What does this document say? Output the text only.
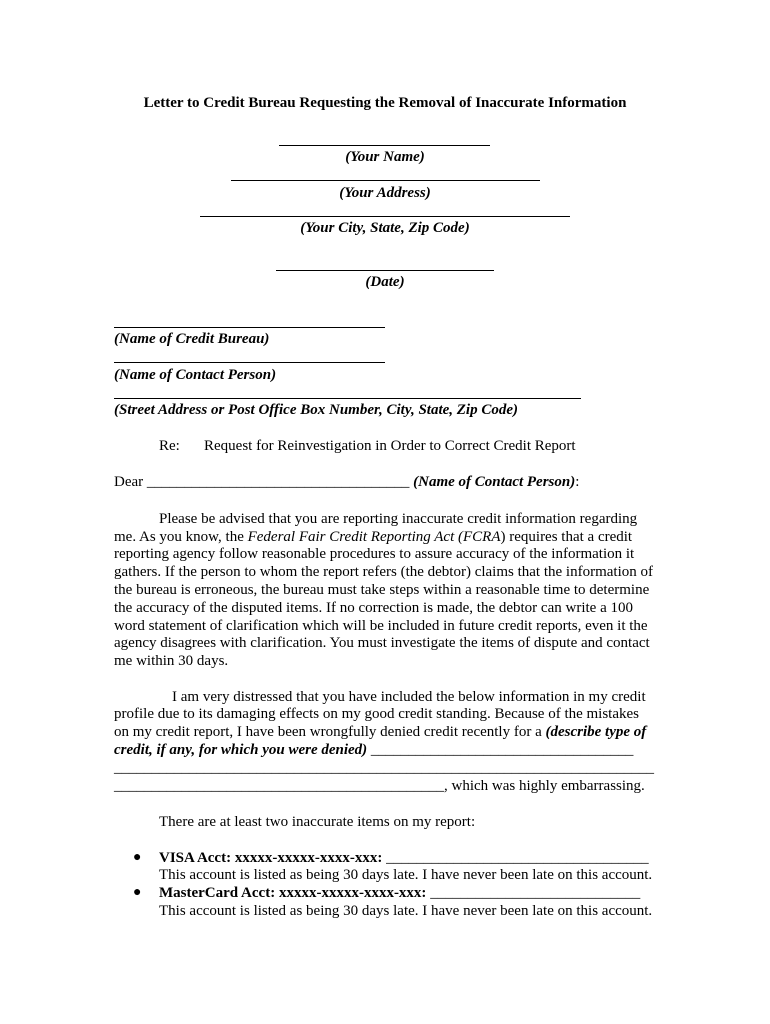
Letter to Credit Bureau Requesting the Removal of Inaccurate Information
(Your Name)
(Your Address)
(Your City, State, Zip Code)
(Date)
(Name of Credit Bureau)
(Name of Contact Person)
(Street Address or Post Office Box Number, City, State, Zip Code)
Re: Request for Reinvestigation in Order to Correct Credit Report
Dear ___________________________________ (Name of Contact Person):
Please be advised that you are reporting inaccurate credit information regarding
me. As you know, the Federal Fair Credit Reporting Act (FCRA) requires that a credit
reporting agency follow reasonable procedures to assure accuracy of the information it
gathers. If the person to whom the report refers (the debtor) claims that the information of
the bureau is erroneous, the bureau must take steps within a reasonable time to determine
the accuracy of the disputed items. If no correction is made, the debtor can write a 100
word statement of clarification which will be included in future credit reports, even it the
agency disagrees with clarification. You must investigate the items of dispute and contact
me within 30 days.
I am very distressed that you have included the below information in my credit
profile due to its damaging effects on my good credit standing. Because of the mistakes
on my credit report, I have been wrongfully denied credit recently for a (describe type of
credit, if any, for which you were denied) ___________________________________
________________________________________________________________________
____________________________________________, which was highly embarrassing.
There are at least two inaccurate items on my report:
● VISA Acct: xxxxx-xxxxx-xxxx-xxx: ___________________________________
This account is listed as being 30 days late. I have never been late on this account.
● MasterCard Acct: xxxxx-xxxxx-xxxx-xxx: ____________________________
This account is listed as being 30 days late. I have never been late on this account.
